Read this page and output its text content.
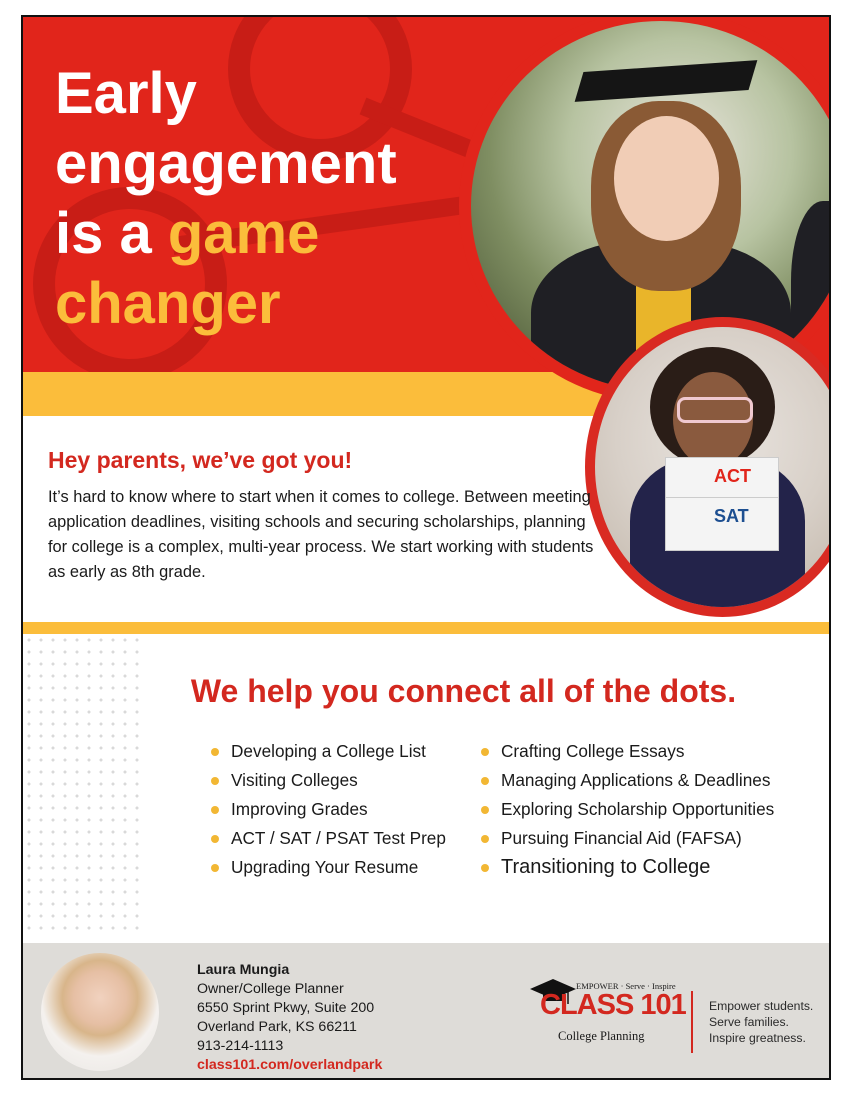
Early
engagement
is a game
changer
ACT
SAT
Hey parents, we’ve got you!

It’s hard to know where to start when it comes to college. Between meeting application deadlines, visiting schools and securing scholarships, planning for college is a complex, multi-year process. We start working with students as early as 8th grade.

We help you connect all of the dots.
Developing a College List
Visiting Colleges
Improving Grades
ACT / SAT / PSAT Test Prep
Upgrading Your Resume
Crafting College Essays
Managing Applications & Deadlines
Exploring Scholarship Opportunities
Pursuing Financial Aid (FAFSA)
Transitioning to College
Laura Mungia
Owner/College Planner
6550 Sprint Pkwy, Suite 200
Overland Park, KS 66211
913-214-1113
class101.com/overlandpark
EMPOWER · Serve · Inspire
CLASS 101
College Planning
Empower students.
Serve families.
Inspire greatness.
